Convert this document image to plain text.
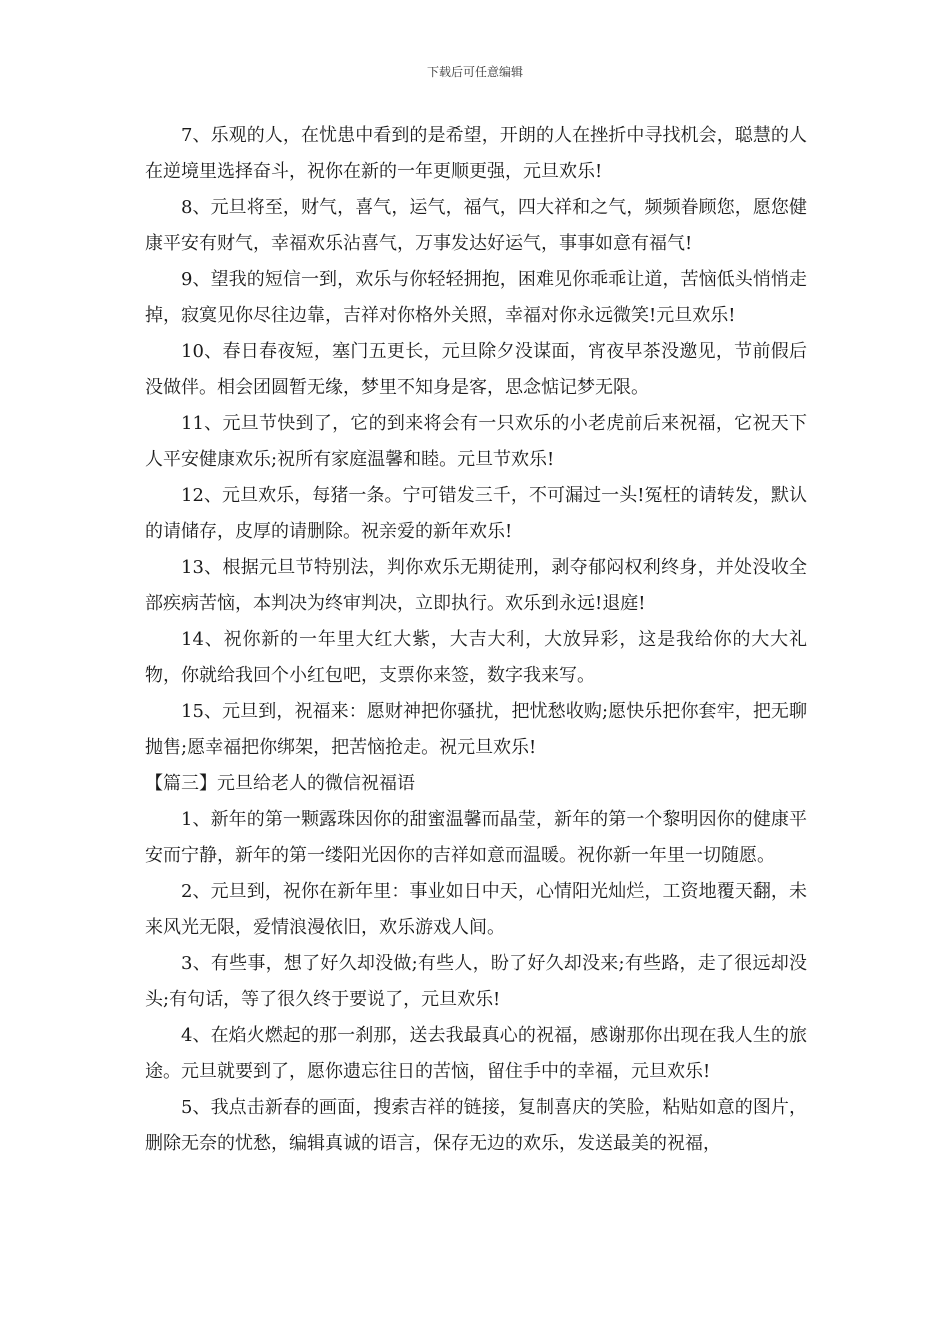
下载后可任意编辑

7、乐观的人，在忧患中看到的是希望，开朗的人在挫折中寻找机会，聪慧的人在逆境里选择奋斗，祝你在新的一年更顺更强，元旦欢乐!

8、元旦将至，财气，喜气，运气，福气，四大祥和之气，频频眷顾您，愿您健康平安有财气，幸福欢乐沾喜气，万事发达好运气，事事如意有福气!

9、望我的短信一到，欢乐与你轻轻拥抱，困难见你乖乖让道，苦恼低头悄悄走掉，寂寞见你尽往边靠，吉祥对你格外关照，幸福对你永远微笑!元旦欢乐!

10、春日春夜短，塞门五更长，元旦除夕没谋面，宵夜早茶没邀见，节前假后没做伴。相会团圆暂无缘，梦里不知身是客，思念惦记梦无限。

11、元旦节快到了，它的到来将会有一只欢乐的小老虎前后来祝福，它祝天下人平安健康欢乐;祝所有家庭温馨和睦。元旦节欢乐!

12、元旦欢乐，每猪一条。宁可错发三千，不可漏过一头!冤枉的请转发，默认的请储存，皮厚的请删除。祝亲爱的新年欢乐!

13、根据元旦节特别法，判你欢乐无期徒刑，剥夺郁闷权利终身，并处没收全部疾病苦恼，本判决为终审判决，立即执行。欢乐到永远!退庭!

14、祝你新的一年里大红大紫，大吉大利，大放异彩，这是我给你的大大礼物，你就给我回个小红包吧，支票你来签，数字我来写。

15、元旦到，祝福来：愿财神把你骚扰，把忧愁收购;愿快乐把你套牢，把无聊抛售;愿幸福把你绑架，把苦恼抢走。祝元旦欢乐!

【篇三】元旦给老人的微信祝福语

1、新年的第一颗露珠因你的甜蜜温馨而晶莹，新年的第一个黎明因你的健康平安而宁静，新年的第一缕阳光因你的吉祥如意而温暖。祝你新一年里一切随愿。

2、元旦到，祝你在新年里：事业如日中天，心情阳光灿烂，工资地覆天翻，未来风光无限，爱情浪漫依旧，欢乐游戏人间。

3、有些事，想了好久却没做;有些人，盼了好久却没来;有些路，走了很远却没头;有句话，等了很久终于要说了，元旦欢乐!

4、在焰火燃起的那一刹那，送去我最真心的祝福，感谢那你出现在我人生的旅途。元旦就要到了，愿你遗忘往日的苦恼，留住手中的幸福，元旦欢乐!

5、我点击新春的画面，搜索吉祥的链接，复制喜庆的笑脸，粘贴如意的图片，删除无奈的忧愁，编辑真诚的语言，保存无边的欢乐，发送最美的祝福，
